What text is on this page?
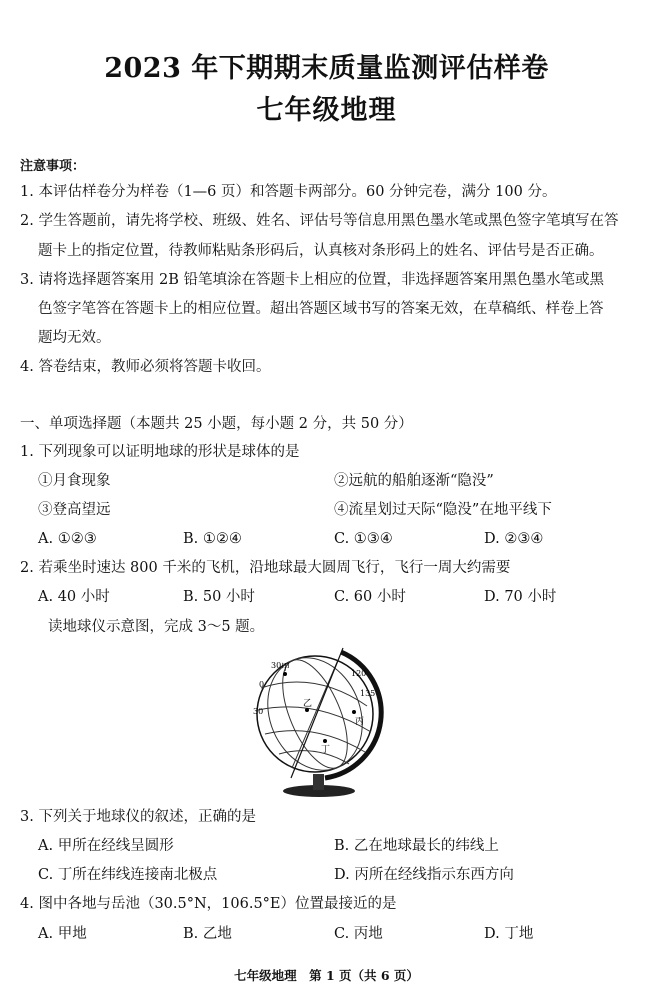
2023 年下期期末质量监测评估样卷
七年级地理
注意事项：
1. 本评估样卷分为样卷（1—6 页）和答题卡两部分。60 分钟完卷，满分 100 分。
2. 学生答题前，请先将学校、班级、姓名、评估号等信息用黑色墨水笔或黑色签字笔填写在答
题卡上的指定位置，待教师粘贴条形码后，认真核对条形码上的姓名、评估号是否正确。
3. 请将选择题答案用 2B 铅笔填涂在答题卡上相应的位置，非选择题答案用黑色墨水笔或黑
色签字笔答在答题卡上的相应位置。超出答题区域书写的答案无效，在草稿纸、样卷上答
题均无效。
4. 答卷结束，教师必须将答题卡收回。
一、单项选择题（本题共 25 小题，每小题 2 分，共 50 分）
1. 下列现象可以证明地球的形状是球体的是
①月食现象	②远航的船舶逐渐“隐没”
③登高望远	④流星划过天际“隐没”在地平线下
A. ①②③	B. ①②④	C. ①③④	D. ②③④
2. 若乘坐时速达 800 千米的飞机，沿地球最大圆周飞行，飞行一周大约需要
A. 40 小时	B. 50 小时	C. 60 小时	D. 70 小时
读地球仪示意图，完成 3～5 题。
甲
乙
丙
丁
0
30
30
120
135
3. 下列关于地球仪的叙述，正确的是
A. 甲所在经线呈圆形	B. 乙在地球最长的纬线上
C. 丁所在纬线连接南北极点	D. 丙所在经线指示东西方向
4. 图中各地与岳池（30.5°N，106.5°E）位置最接近的是
A. 甲地	B. 乙地	C. 丙地	D. 丁地
七年级地理　第 1 页（共 6 页）
